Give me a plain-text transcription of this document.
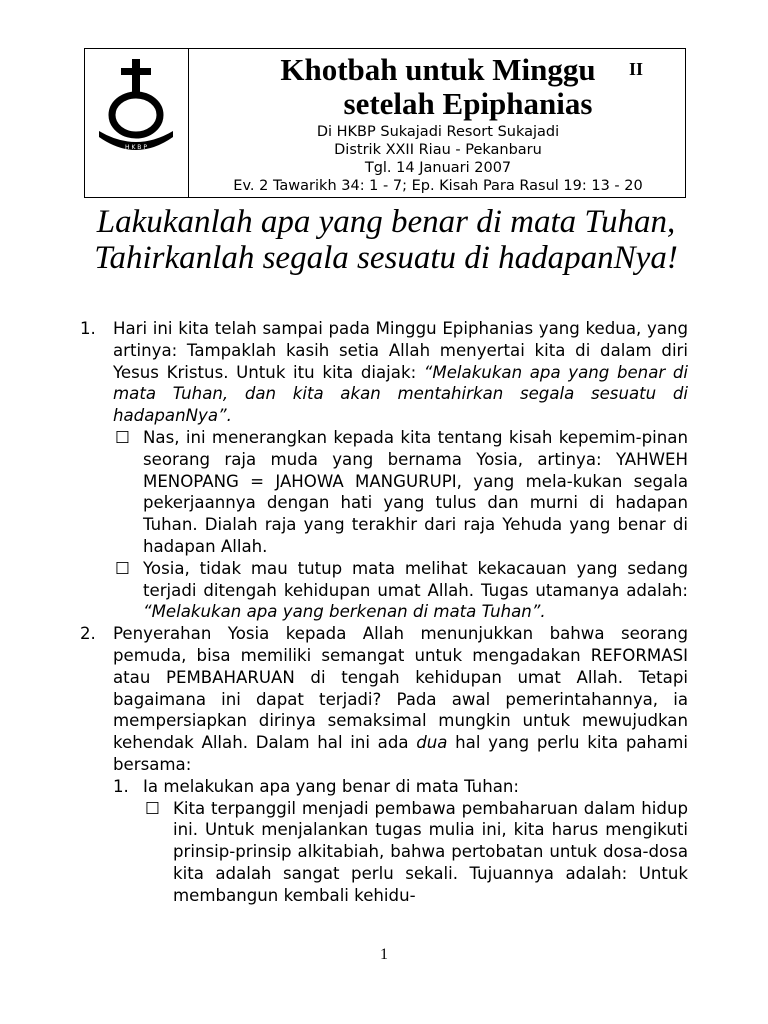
H K B P
Khotbah untuk Minggu	II
setelah Epiphanias
Di HKBP Sukajadi Resort Sukajadi
Distrik XXII Riau - Pekanbaru
Tgl. 14 Januari 2007
Ev. 2 Tawarikh 34: 1 - 7; Ep. Kisah Para Rasul 19: 13 - 20
Lakukanlah apa yang benar di mata Tuhan, Tahirkanlah segala sesuatu di hadapanNya!
1. Hari ini kita telah sampai pada Minggu Epiphanias yang kedua, yang artinya: Tampaklah kasih setia Allah menyertai kita di dalam diri Yesus Kristus. Untuk itu kita diajak: “Melakukan apa yang benar di mata Tuhan, dan kita akan mentahirkan segala sesuatu di hadapanNya”.
☐ Nas, ini menerangkan kepada kita tentang kisah kepemim-pinan seorang raja muda yang bernama Yosia, artinya: YAHWEH MENOPANG = JAHOWA MANGURUPI, yang mela-kukan segala pekerjaannya dengan hati yang tulus dan murni di hadapan Tuhan. Dialah raja yang terakhir dari raja Yehuda yang benar di hadapan Allah.
☐ Yosia, tidak mau tutup mata melihat kekacauan yang sedang terjadi ditengah kehidupan umat Allah. Tugas utamanya adalah: “Melakukan apa yang berkenan di mata Tuhan”.
2. Penyerahan Yosia kepada Allah menunjukkan bahwa seorang pemuda, bisa memiliki semangat untuk mengadakan REFORMASI atau PEMBAHARUAN di tengah kehidupan umat Allah. Tetapi bagaimana ini dapat terjadi? Pada awal pemerintahannya, ia mempersiapkan dirinya semaksimal mungkin untuk mewujudkan kehendak Allah. Dalam hal ini ada dua hal yang perlu kita pahami bersama:
1. Ia melakukan apa yang benar di mata Tuhan:
☐ Kita terpanggil menjadi pembawa pembaharuan dalam hidup ini. Untuk menjalankan tugas mulia ini, kita harus mengikuti prinsip-prinsip alkitabiah, bahwa pertobatan untuk dosa-dosa kita adalah sangat perlu sekali. Tujuannya adalah: Untuk membangun kembali kehidu-
1
